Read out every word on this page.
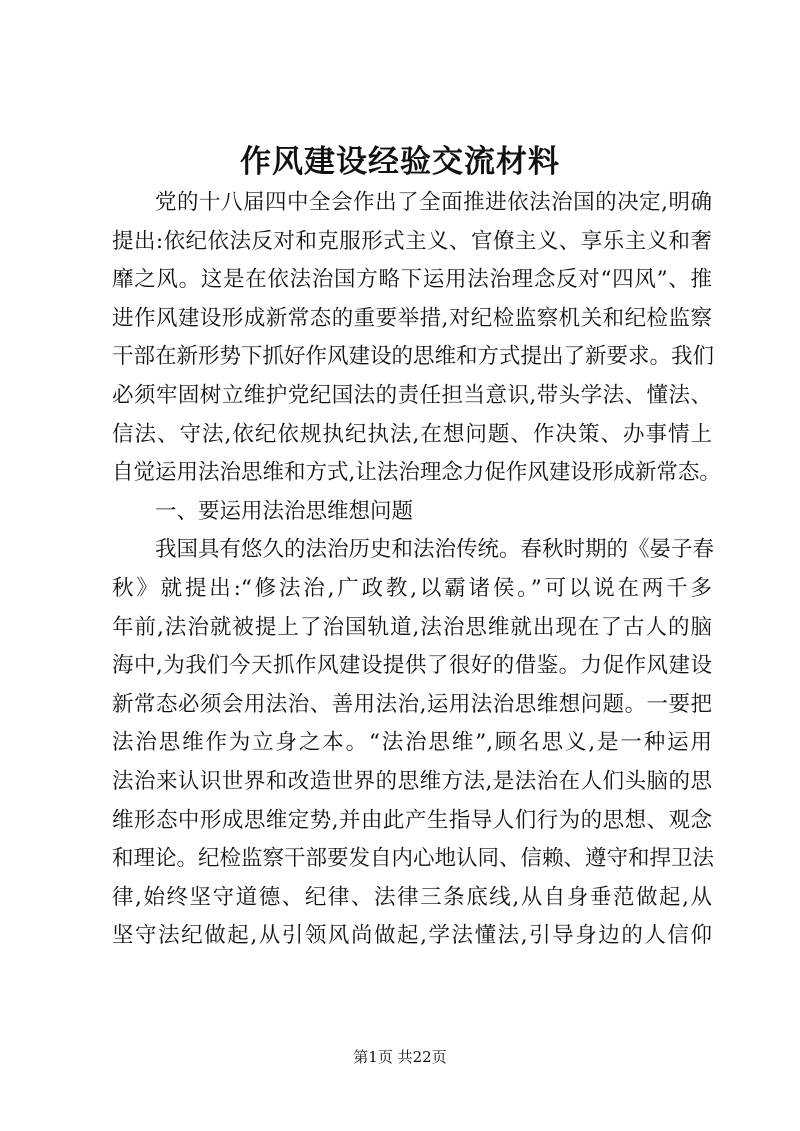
作风建设经验交流材料
党的十八届四中全会作出了全面推进依法治国的决定,明确
提出:依纪依法反对和克服形式主义、官僚主义、享乐主义和奢
靡之风。这是在依法治国方略下运用法治理念反对“四风”、推
进作风建设形成新常态的重要举措,对纪检监察机关和纪检监察
干部在新形势下抓好作风建设的思维和方式提出了新要求。我们
必须牢固树立维护党纪国法的责任担当意识,带头学法、懂法、
信法、守法,依纪依规执纪执法,在想问题、作决策、办事情上
自觉运用法治思维和方式,让法治理念力促作风建设形成新常态。
一、要运用法治思维想问题
我国具有悠久的法治历史和法治传统。春秋时期的《晏子春
秋》就提出:“修法治,广政教,以霸诸侯。”可以说在两千多
年前,法治就被提上了治国轨道,法治思维就出现在了古人的脑
海中,为我们今天抓作风建设提供了很好的借鉴。力促作风建设
新常态必须会用法治、善用法治,运用法治思维想问题。一要把
法治思维作为立身之本。“法治思维”,顾名思义,是一种运用
法治来认识世界和改造世界的思维方法,是法治在人们头脑的思
维形态中形成思维定势,并由此产生指导人们行为的思想、观念
和理论。纪检监察干部要发自内心地认同、信赖、遵守和捍卫法
律,始终坚守道德、纪律、法律三条底线,从自身垂范做起,从
坚守法纪做起,从引领风尚做起,学法懂法,引导身边的人信仰
第1页 共22页
